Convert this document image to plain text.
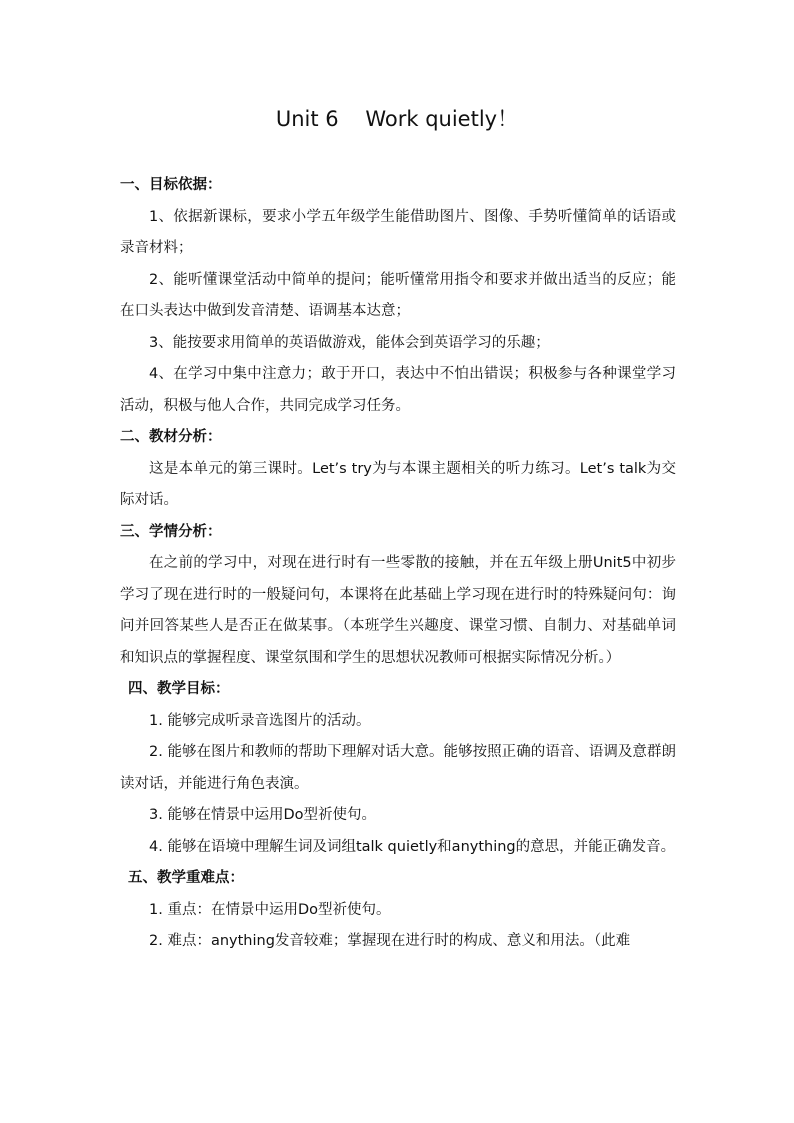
Unit 6    Work quietly！

一、目标依据：

1、依据新课标，要求小学五年级学生能借助图片、图像、手势听懂简单的话语或录音材料；

2、能听懂课堂活动中简单的提问；能听懂常用指令和要求并做出适当的反应；能在口头表达中做到发音清楚、语调基本达意；

3、能按要求用简单的英语做游戏，能体会到英语学习的乐趣；

4、在学习中集中注意力；敢于开口，表达中不怕出错误；积极参与各种课堂学习活动，积极与他人合作，共同完成学习任务。

二、教材分析：

这是本单元的第三课时。Let’s try为与本课主题相关的听力练习。Let’s talk为交际对话。

三、学情分析：

在之前的学习中，对现在进行时有一些零散的接触，并在五年级上册Unit5中初步学习了现在进行时的一般疑问句，本课将在此基础上学习现在进行时的特殊疑问句：询问并回答某些人是否正在做某事。（本班学生兴趣度、课堂习惯、自制力、对基础单词和知识点的掌握程度、课堂氛围和学生的思想状况教师可根据实际情况分析。）

四、教学目标：

1. 能够完成听录音选图片的活动。

2. 能够在图片和教师的帮助下理解对话大意。能够按照正确的语音、语调及意群朗读对话，并能进行角色表演。

3. 能够在情景中运用Do型祈使句。

4. 能够在语境中理解生词及词组talk quietly和anything的意思，并能正确发音。

五、教学重难点：

1. 重点：在情景中运用Do型祈使句。

2. 难点：anything发音较难；掌握现在进行时的构成、意义和用法。（此难
